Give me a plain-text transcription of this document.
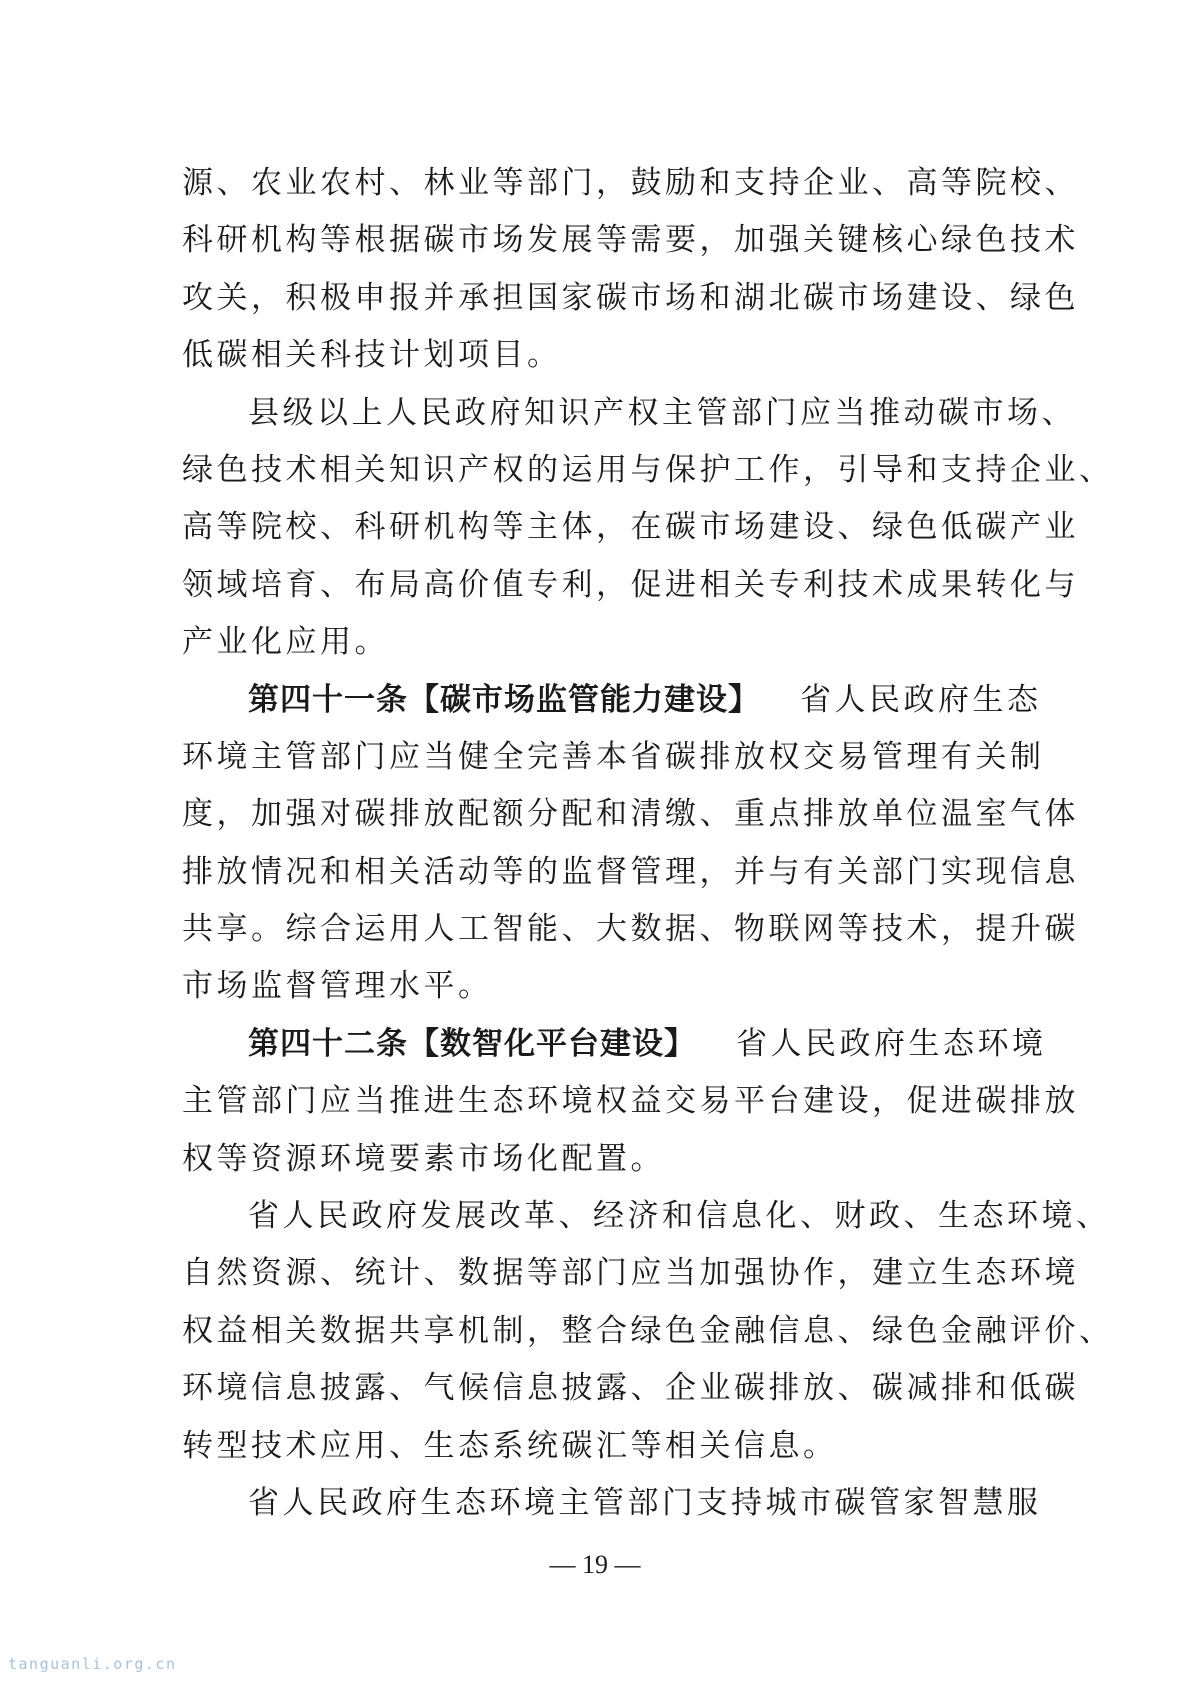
源、农业农村、林业等部门，鼓励和支持企业、高等院校、
科研机构等根据碳市场发展等需要，加强关键核心绿色技术
攻关，积极申报并承担国家碳市场和湖北碳市场建设、绿色
低碳相关科技计划项目。
县级以上人民政府知识产权主管部门应当推动碳市场、
绿色技术相关知识产权的运用与保护工作，引导和支持企业、
高等院校、科研机构等主体，在碳市场建设、绿色低碳产业
领域培育、布局高价值专利，促进相关专利技术成果转化与
产业化应用。
第四十一条【碳市场监管能力建设】 省人民政府生态
环境主管部门应当健全完善本省碳排放权交易管理有关制
度，加强对碳排放配额分配和清缴、重点排放单位温室气体
排放情况和相关活动等的监督管理，并与有关部门实现信息
共享。综合运用人工智能、大数据、物联网等技术，提升碳
市场监督管理水平。
第四十二条【数智化平台建设】 省人民政府生态环境
主管部门应当推进生态环境权益交易平台建设，促进碳排放
权等资源环境要素市场化配置。
省人民政府发展改革、经济和信息化、财政、生态环境、
自然资源、统计、数据等部门应当加强协作，建立生态环境
权益相关数据共享机制，整合绿色金融信息、绿色金融评价、
环境信息披露、气候信息披露、企业碳排放、碳减排和低碳
转型技术应用、生态系统碳汇等相关信息。
省人民政府生态环境主管部门支持城市碳管家智慧服
— 19 —
tanguanli.org.cn
